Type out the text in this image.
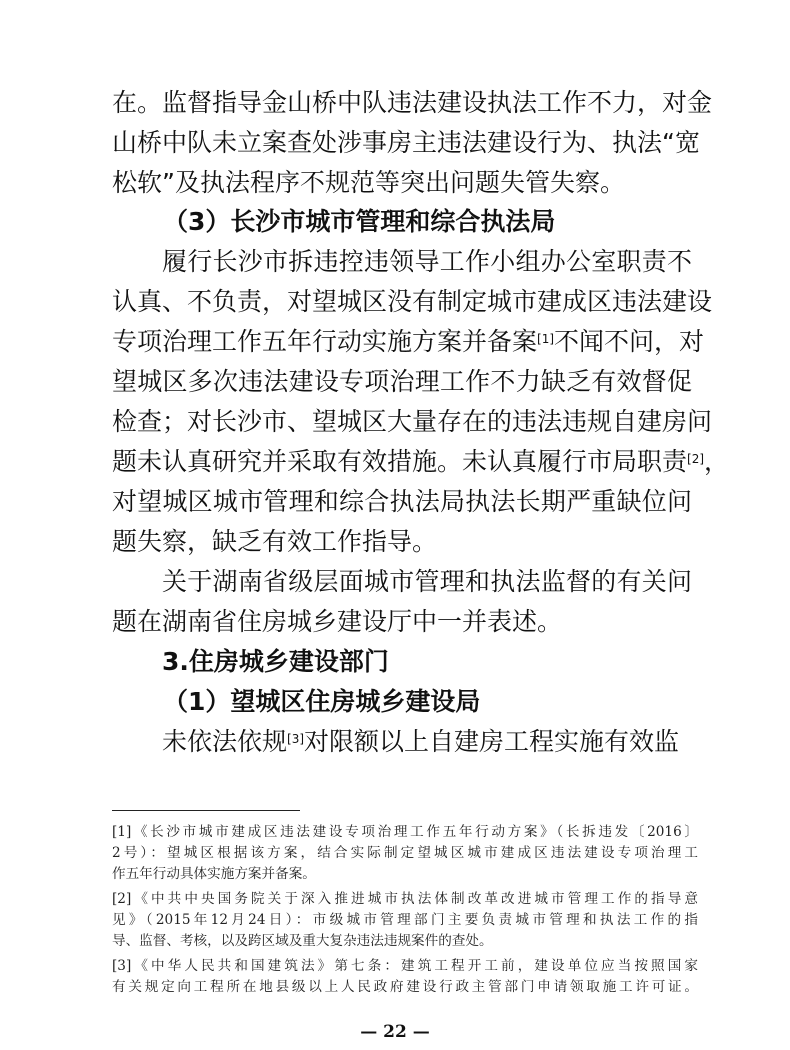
在。监督指导金山桥中队违法建设执法工作不力，对金
山桥中队未立案查处涉事房主违法建设行为、执法“宽
松软”及执法程序不规范等突出问题失管失察。
（3）长沙市城市管理和综合执法局
履行长沙市拆违控违领导工作小组办公室职责不
认真、不负责，对望城区没有制定城市建成区违法建设
专项治理工作五年行动实施方案并备案[1]不闻不问，对
望城区多次违法建设专项治理工作不力缺乏有效督促
检查；对长沙市、望城区大量存在的违法违规自建房问
题未认真研究并采取有效措施。未认真履行市局职责[2]，
对望城区城市管理和综合执法局执法长期严重缺位问
题失察，缺乏有效工作指导。
关于湖南省级层面城市管理和执法监督的有关问
题在湖南省住房城乡建设厅中一并表述。
3.住房城乡建设部门
（1）望城区住房城乡建设局
未依法依规[3]对限额以上自建房工程实施有效监
[1]《长沙市城市建成区违法建设专项治理工作五年行动方案》（长拆违发〔2016〕
2号）：望城区根据该方案，结合实际制定望城区城市建成区违法建设专项治理工
作五年行动具体实施方案并备案。
[2]《中共中央国务院关于深入推进城市执法体制改革改进城市管理工作的指导意
见》（2015年12月24日）：市级城市管理部门主要负责城市管理和执法工作的指
导、监督、考核，以及跨区域及重大复杂违法违规案件的查处。
[3]《中华人民共和国建筑法》第七条：建筑工程开工前，建设单位应当按照国家
有关规定向工程所在地县级以上人民政府建设行政主管部门申请领取施工许可证。
— 22 —
